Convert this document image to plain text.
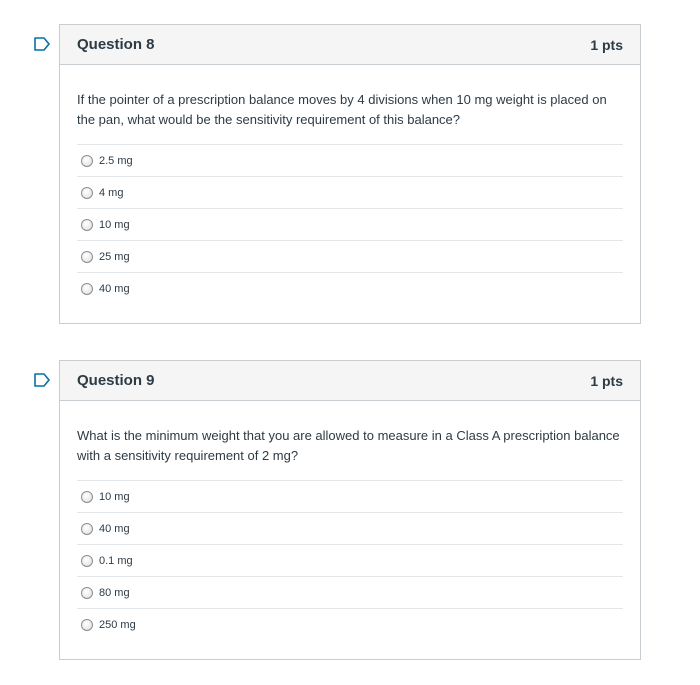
Question 8	1 pts
If the pointer of a prescription balance moves by 4 divisions when 10 mg weight is placed on the pan, what would be the sensitivity requirement of this balance?
2.5 mg
4 mg
10 mg
25 mg
40 mg
Question 9	1 pts
What is the minimum weight that you are allowed to measure in a Class A prescription balance with a sensitivity requirement of 2 mg?
10 mg
40 mg
0.1 mg
80 mg
250 mg
